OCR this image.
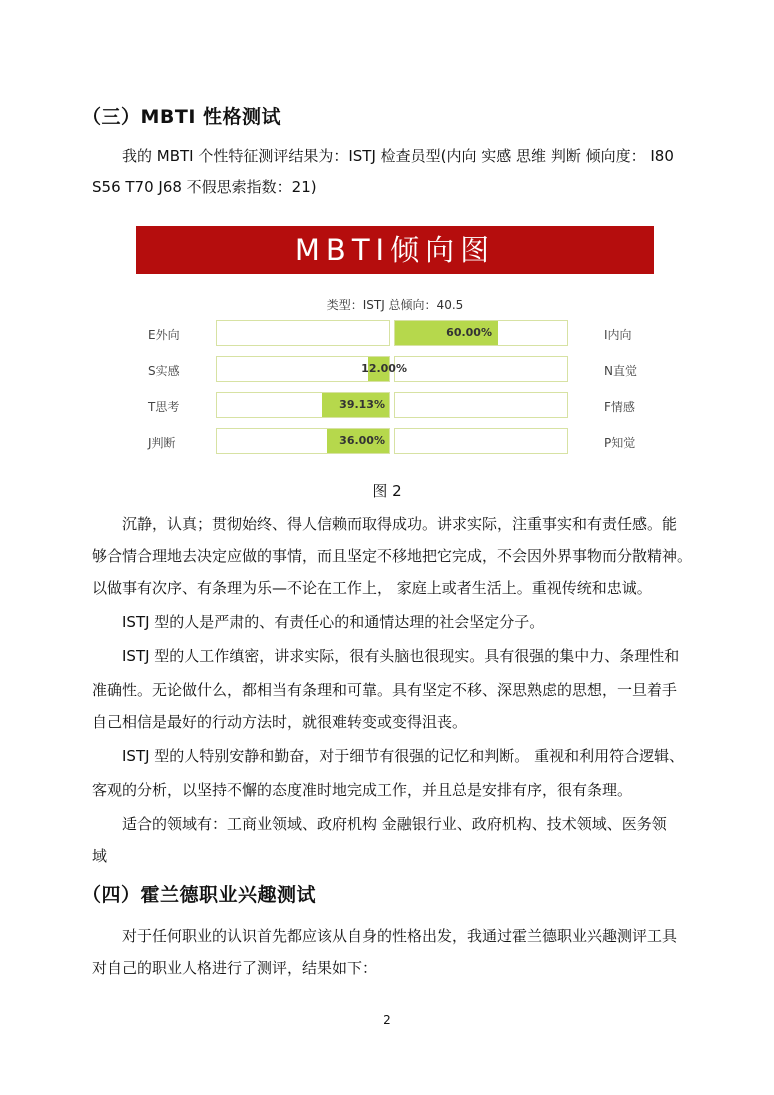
（三）MBTI 性格测试
我的 MBTI 个性特征测评结果为：ISTJ 检查员型(内向 实感 思维 判断 倾向度： I80
S56 T70 J68 不假思索指数：21)
MBTI倾向图
类型：ISTJ 总倾向：40.5
E外向	I内向
60.00%
S实感	N直觉
12.00%
T思考	F情感
39.13%
J判断	P知觉
36.00%
图 2
沉静，认真；贯彻始终、得人信赖而取得成功。讲求实际，注重事实和有责任感。能
够合情合理地去决定应做的事情，而且坚定不移地把它完成，不会因外界事物而分散精神。
以做事有次序、有条理为乐—不论在工作上， 家庭上或者生活上。重视传统和忠诚。
ISTJ 型的人是严肃的、有责任心的和通情达理的社会坚定分子。
ISTJ 型的人工作缜密，讲求实际，很有头脑也很现实。具有很强的集中力、条理性和
准确性。无论做什么，都相当有条理和可靠。具有坚定不移、深思熟虑的思想，一旦着手
自己相信是最好的行动方法时，就很难转变或变得沮丧。
ISTJ 型的人特别安静和勤奋，对于细节有很强的记忆和判断。 重视和利用符合逻辑、
客观的分析，以坚持不懈的态度准时地完成工作，并且总是安排有序，很有条理。
适合的领域有：工商业领域、政府机构 金融银行业、政府机构、技术领域、医务领
域
（四）霍兰德职业兴趣测试
对于任何职业的认识首先都应该从自身的性格出发，我通过霍兰德职业兴趣测评工具
对自己的职业人格进行了测评，结果如下：
2
